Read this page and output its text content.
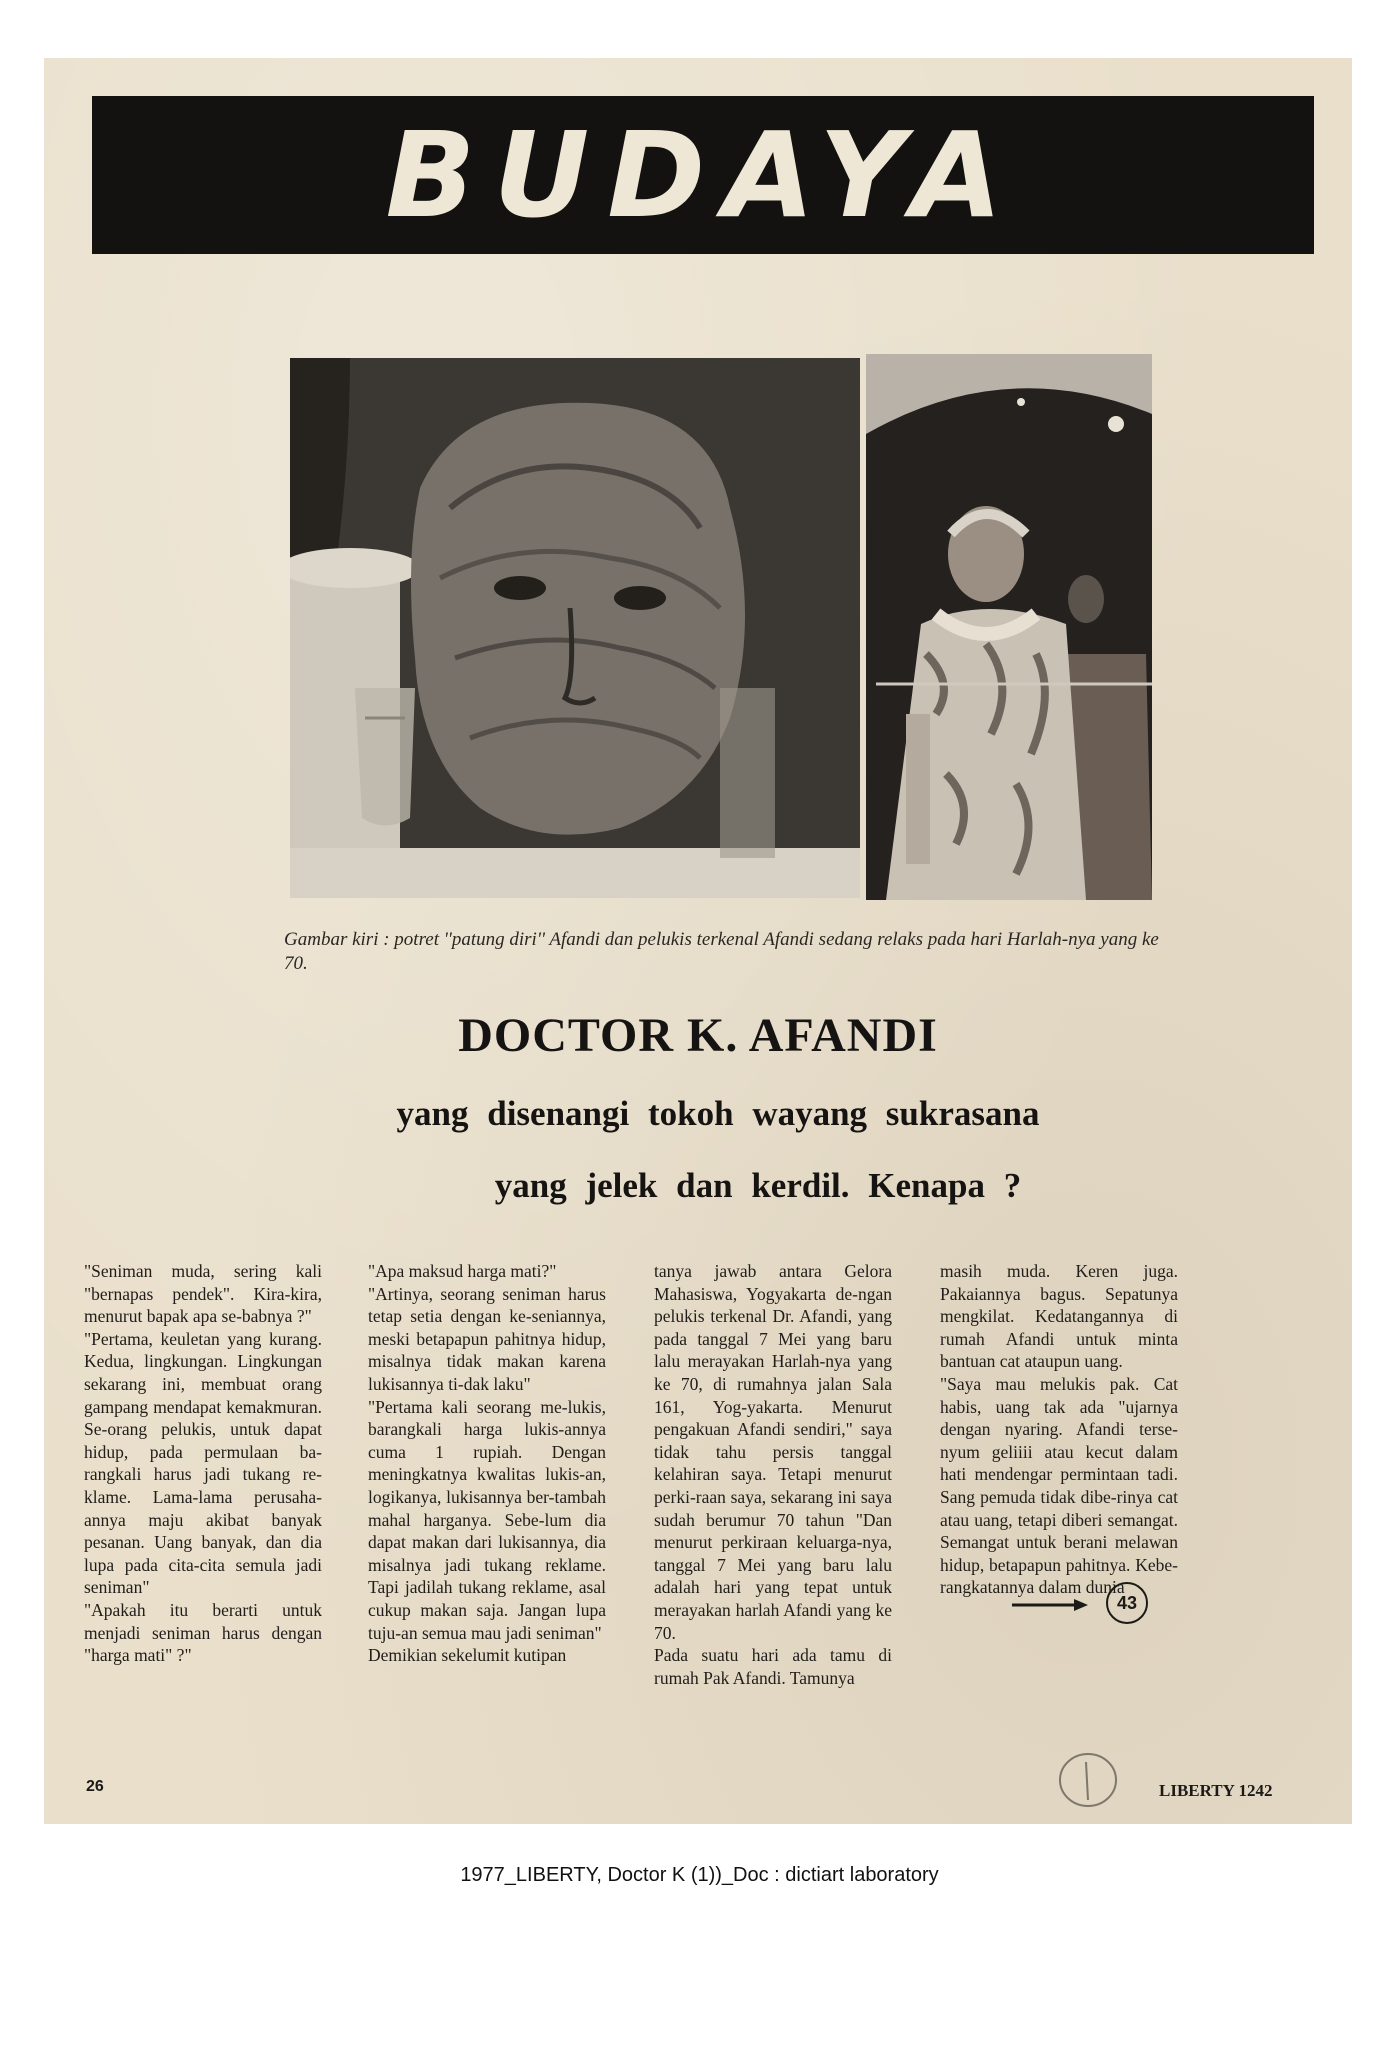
BUDAYA
Gambar kiri : potret ''patung diri'' Afandi dan pelukis terkenal Afandi sedang relaks pada hari Harlah-nya yang ke 70.
DOCTOR K. AFANDI
yang disenangi tokoh wayang sukrasana
yang jelek dan kerdil. Kenapa ?
"Seniman muda, sering kali "bernapas pendek". Kira-kira, menurut bapak apa se-babnya ?"
"Pertama, keuletan yang kurang. Kedua, lingkungan. Lingkungan sekarang ini, membuat orang gampang mendapat kemakmuran. Se-orang pelukis, untuk dapat hidup, pada permulaan ba-rangkali harus jadi tukang re-klame. Lama-lama perusaha-annya maju akibat banyak pesanan. Uang banyak, dan dia lupa pada cita-cita semula jadi seniman"
"Apakah itu berarti untuk menjadi seniman harus dengan "harga mati" ?"
"Apa maksud harga mati?"
"Artinya, seorang seniman harus tetap setia dengan ke-seniannya, meski betapapun pahitnya hidup, misalnya tidak makan karena lukisannya ti-dak laku"
"Pertama kali seorang me-lukis, barangkali harga lukis-annya cuma 1 rupiah. Dengan meningkatnya kwalitas lukis-an, logikanya, lukisannya ber-tambah mahal harganya. Sebe-lum dia dapat makan dari lukisannya, dia misalnya jadi tukang reklame. Tapi jadilah tukang reklame, asal cukup makan saja. Jangan lupa tuju-an semua mau jadi seniman"
Demikian sekelumit kutipan
tanya jawab antara Gelora Mahasiswa, Yogyakarta de-ngan pelukis terkenal Dr. Afandi, yang pada tanggal 7 Mei yang baru lalu merayakan Harlah-nya yang ke 70, di rumahnya jalan Sala 161, Yog-yakarta. Menurut pengakuan Afandi sendiri," saya tidak tahu persis tanggal kelahiran saya. Tetapi menurut perki-raan saya, sekarang ini saya sudah berumur 70 tahun "Dan menurut perkiraan keluarga-nya, tanggal 7 Mei yang baru lalu adalah hari yang tepat untuk merayakan harlah Afandi yang ke 70.
Pada suatu hari ada tamu di rumah Pak Afandi. Tamunya
masih muda. Keren juga. Pakaiannya bagus. Sepatunya mengkilat. Kedatangannya di rumah Afandi untuk minta bantuan cat ataupun uang.
"Saya mau melukis pak. Cat habis, uang tak ada "ujarnya dengan nyaring. Afandi terse-nyum geliiii atau kecut dalam hati mendengar permintaan tadi. Sang pemuda tidak dibe-rinya cat atau uang, tetapi diberi semangat. Semangat untuk berani melawan hidup, betapapun pahitnya. Kebe-rangkatannya dalam dunia
43
26	LIBERTY 1242
1977_LIBERTY, Doctor K (1))_Doc : dictiart laboratory
